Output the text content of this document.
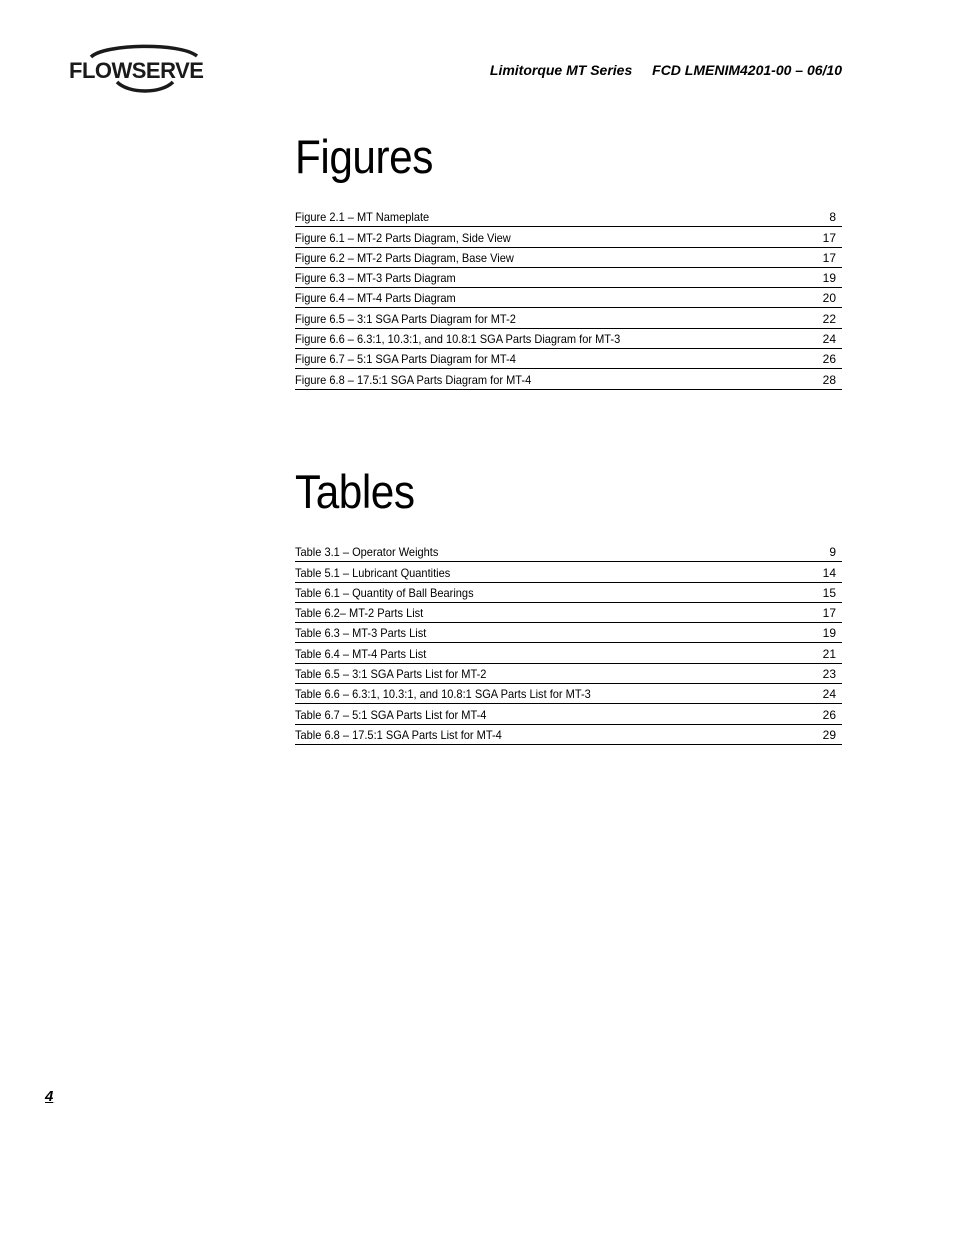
FLOWSERVE	Limitorque MT Series FCD LMENIM4201-00 – 06/10
Figures
Figure 2.1 – MT Nameplate	8
Figure 6.1 – MT-2 Parts Diagram, Side View	17
Figure 6.2 – MT-2 Parts Diagram, Base View	17
Figure 6.3 – MT-3 Parts Diagram	19
Figure 6.4 – MT-4 Parts Diagram	20
Figure 6.5 – 3:1 SGA Parts Diagram for MT-2	22
Figure 6.6 – 6.3:1, 10.3:1, and 10.8:1 SGA Parts Diagram for MT-3	24
Figure 6.7 – 5:1 SGA Parts Diagram for MT-4	26
Figure 6.8 – 17.5:1 SGA Parts Diagram for MT-4	28
Tables
Table 3.1 – Operator Weights	9
Table 5.1 – Lubricant Quantities	14
Table 6.1 – Quantity of Ball Bearings	15
Table 6.2– MT-2 Parts List	17
Table 6.3 – MT-3 Parts List	19
Table 6.4 – MT-4 Parts List	21
Table 6.5 – 3:1 SGA Parts List for MT-2	23
Table 6.6 – 6.3:1, 10.3:1, and 10.8:1 SGA Parts List for MT-3	24
Table 6.7 – 5:1 SGA Parts List for MT-4	26
Table 6.8 – 17.5:1 SGA Parts List for MT-4	29
4
